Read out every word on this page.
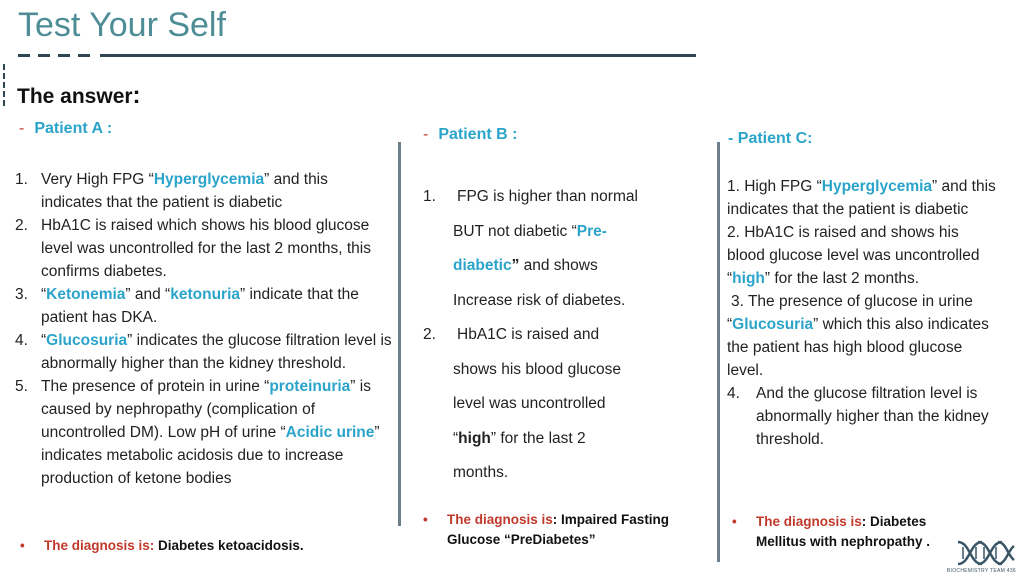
Test Your Self
The answer:
- Patient A :
1. Very High FPG “Hyperglycemia” and this indicates that the patient is diabetic
2. HbA1C is raised which shows his blood glucose level was uncontrolled for the last 2 months, this confirms diabetes.
3. “Ketonemia” and “ketonuria” indicate that the patient has DKA.
4. “Glucosuria” indicates the glucose filtration level is abnormally higher than the kidney threshold.
5. The presence of protein in urine “proteinuria” is caused by nephropathy (complication of uncontrolled DM). Low pH of urine “Acidic urine” indicates metabolic acidosis due to increase production of ketone bodies
• The diagnosis is: Diabetes ketoacidosis.
- Patient B :
1. FPG is higher than normal

BUT not diabetic “Pre-

diabetic” and shows

Increase risk of diabetes.

2. HbA1C is raised and

shows his blood glucose

level was uncontrolled

“high” for the last 2

months.

• The diagnosis is: Impaired Fasting
Glucose “PreDiabetes”
- Patient C:
1. High FPG “Hyperglycemia” and this indicates that the patient is diabetic
2. HbA1C is raised and shows his blood glucose level was uncontrolled “high” for the last 2 months.
3. The presence of glucose in urine “Glucosuria” which this also indicates the patient has high blood glucose level.
4. And the glucose filtration level is abnormally higher than the kidney threshold.
• The diagnosis is: Diabetes
Mellitus with nephropathy .
BIOCHEMISTRY TEAM 436
